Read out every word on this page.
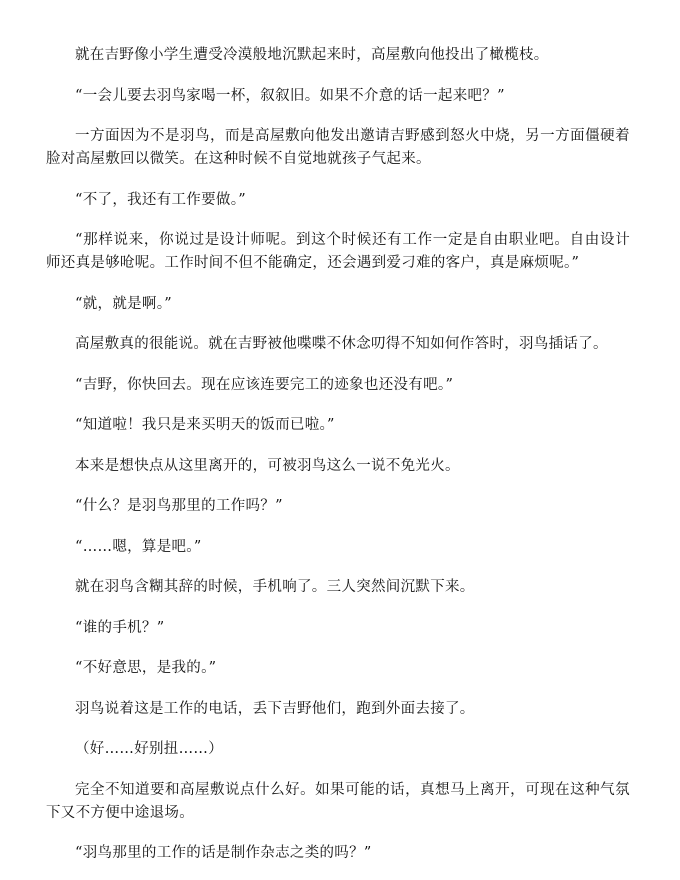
就在吉野像小学生遭受冷漠般地沉默起来时，高屋敷向他投出了橄榄枝。

“一会儿要去羽鸟家喝一杯，叙叙旧。如果不介意的话一起来吧？”

一方面因为不是羽鸟，而是高屋敷向他发出邀请吉野感到怒火中烧，另一方面僵硬着脸对高屋敷回以微笑。在这种时候不自觉地就孩子气起来。

“不了，我还有工作要做。”

“那样说来，你说过是设计师呢。到这个时候还有工作一定是自由职业吧。自由设计师还真是够呛呢。工作时间不但不能确定，还会遇到爱刁难的客户，真是麻烦呢。”

“就，就是啊。”

高屋敷真的很能说。就在吉野被他喋喋不休念叨得不知如何作答时，羽鸟插话了。

“吉野，你快回去。现在应该连要完工的迹象也还没有吧。”

“知道啦！我只是来买明天的饭而已啦。”

本来是想快点从这里离开的，可被羽鸟这么一说不免光火。

“什么？是羽鸟那里的工作吗？”

“……嗯，算是吧。”

就在羽鸟含糊其辞的时候，手机响了。三人突然间沉默下来。

“谁的手机？”

“不好意思，是我的。”

羽鸟说着这是工作的电话，丢下吉野他们，跑到外面去接了。

（好……好别扭……）

完全不知道要和高屋敷说点什么好。如果可能的话，真想马上离开，可现在这种气氛下又不方便中途退场。

“羽鸟那里的工作的话是制作杂志之类的吗？”
